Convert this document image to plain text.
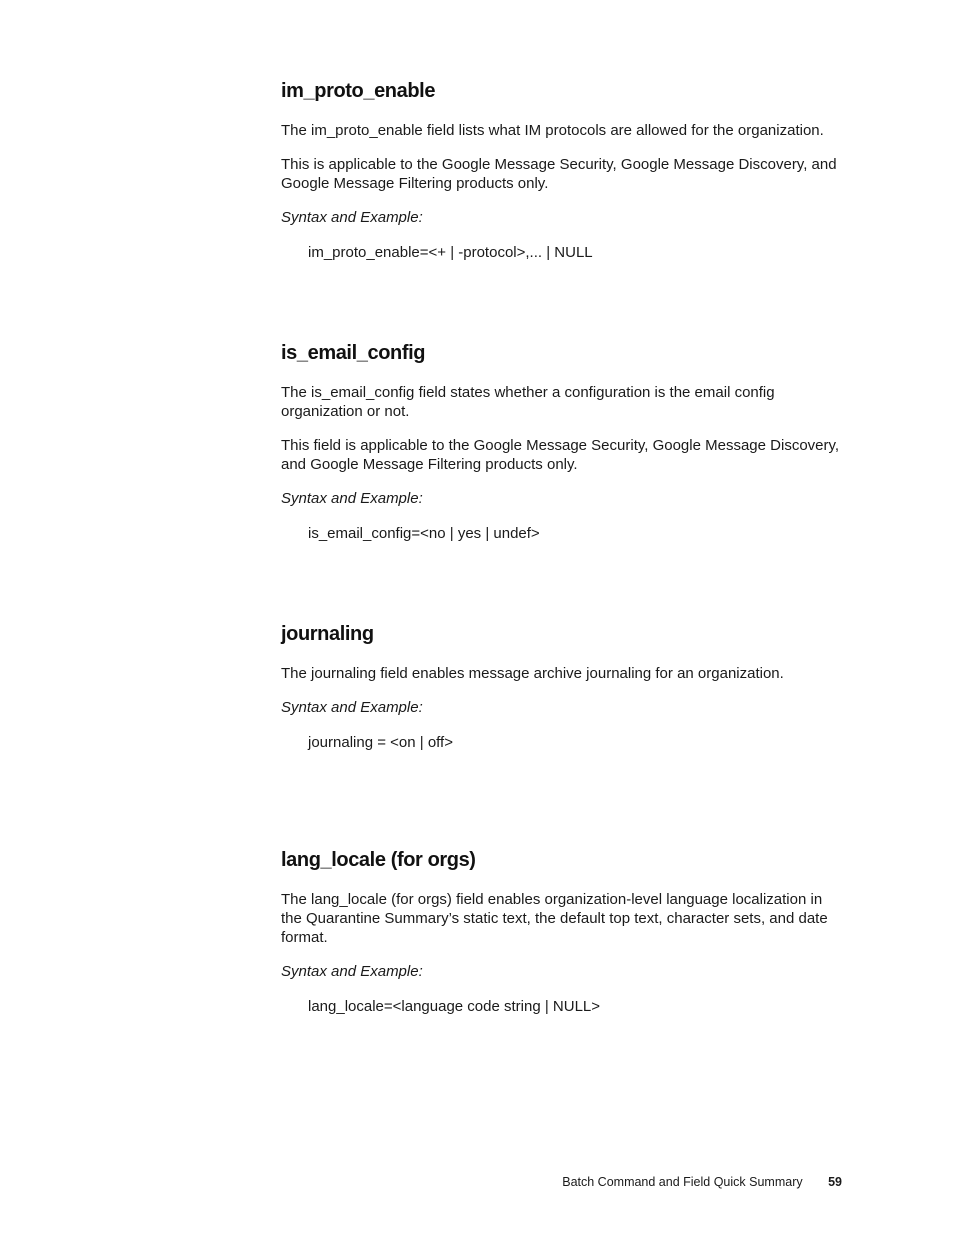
im_proto_enable

The im_proto_enable field lists what IM protocols are allowed for the organization.

This is applicable to the Google Message Security, Google Message Discovery, and Google Message Filtering products only.

Syntax and Example:

im_proto_enable=<+ | -protocol>,... | NULL

is_email_config

The is_email_config field states whether a configuration is the email config organization or not.

This field is applicable to the Google Message Security, Google Message Discovery, and Google Message Filtering products only.

Syntax and Example:

is_email_config=<no | yes | undef>

journaling

The journaling field enables message archive journaling for an organization.

Syntax and Example:

journaling = <on | off>

lang_locale (for orgs)

The lang_locale (for orgs) field enables organization-level language localization in the Quarantine Summary’s static text, the default top text, character sets, and date format.

Syntax and Example:

lang_locale=<language code string | NULL>

Batch Command and Field Quick Summary 59
